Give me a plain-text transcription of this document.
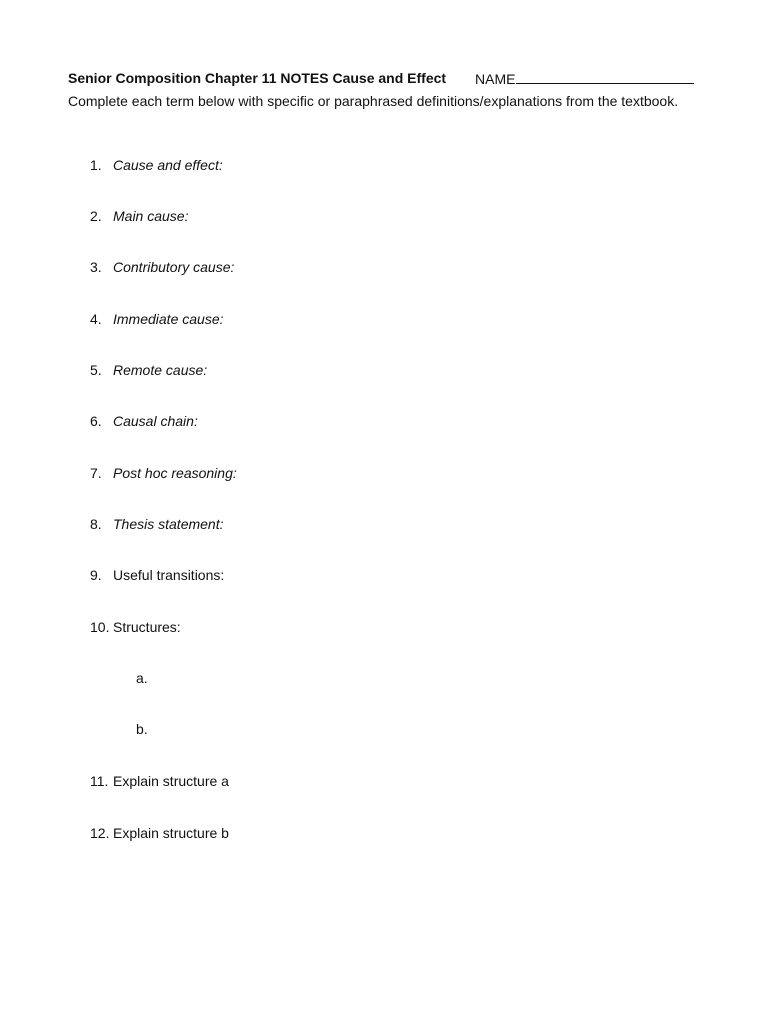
Senior Composition Chapter 11 NOTES Cause and Effect NAME
Complete each term below with specific or paraphrased definitions/explanations from the textbook.
1. Cause and effect:
2. Main cause:
3. Contributory cause:
4. Immediate cause:
5. Remote cause:
6. Causal chain:
7. Post hoc reasoning:
8. Thesis statement:
9. Useful transitions:
10. Structures:
a.
b.
11. Explain structure a
12. Explain structure b
